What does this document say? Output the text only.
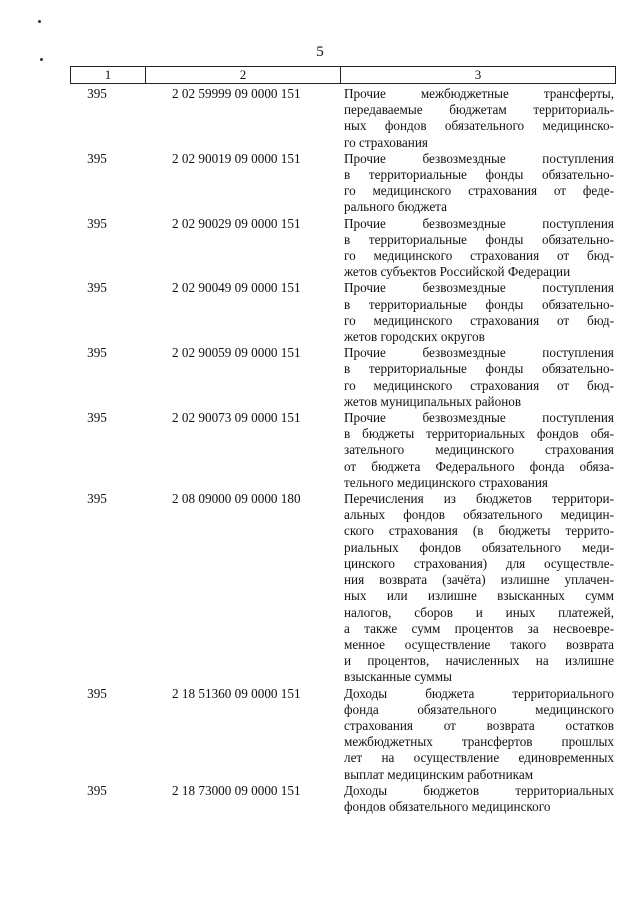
5
1	2	3
395	2 02 59999 09 0000 151	Прочие межбюджетные трансферты,
передаваемые бюджетам территориаль-
ных фондов обязательного медицинско-
го страхования
395	2 02 90019 09 0000 151	Прочие безвозмездные поступления
в территориальные фонды обязательно-
го медицинского страхования от феде-
рального бюджета
395	2 02 90029 09 0000 151	Прочие безвозмездные поступления
в территориальные фонды обязательно-
го медицинского страхования от бюд-
жетов субъектов Российской Федерации
395	2 02 90049 09 0000 151	Прочие безвозмездные поступления
в территориальные фонды обязательно-
го медицинского страхования от бюд-
жетов городских округов
395	2 02 90059 09 0000 151	Прочие безвозмездные поступления
в территориальные фонды обязательно-
го медицинского страхования от бюд-
жетов муниципальных районов
395	2 02 90073 09 0000 151	Прочие безвозмездные поступления
в бюджеты территориальных фондов обя-
зательного медицинского страхования
от бюджета Федерального фонда обяза-
тельного медицинского страхования
395	2 08 09000 09 0000 180	Перечисления из бюджетов территори-
альных фондов обязательного медицин-
ского страхования (в бюджеты террито-
риальных фондов обязательного меди-
цинского страхования) для осуществле-
ния возврата (зачёта) излишне уплачен-
ных или излишне взысканных сумм
налогов, сборов и иных платежей,
а также сумм процентов за несвоевре-
менное осуществление такого возврата
и процентов, начисленных на излишне
взысканные суммы
395	2 18 51360 09 0000 151	Доходы бюджета территориального
фонда обязательного медицинского
страхования от возврата остатков
межбюджетных трансфертов прошлых
лет на осуществление единовременных
выплат медицинским работникам
395	2 18 73000 09 0000 151	Доходы бюджетов территориальных
фондов обязательного медицинского
